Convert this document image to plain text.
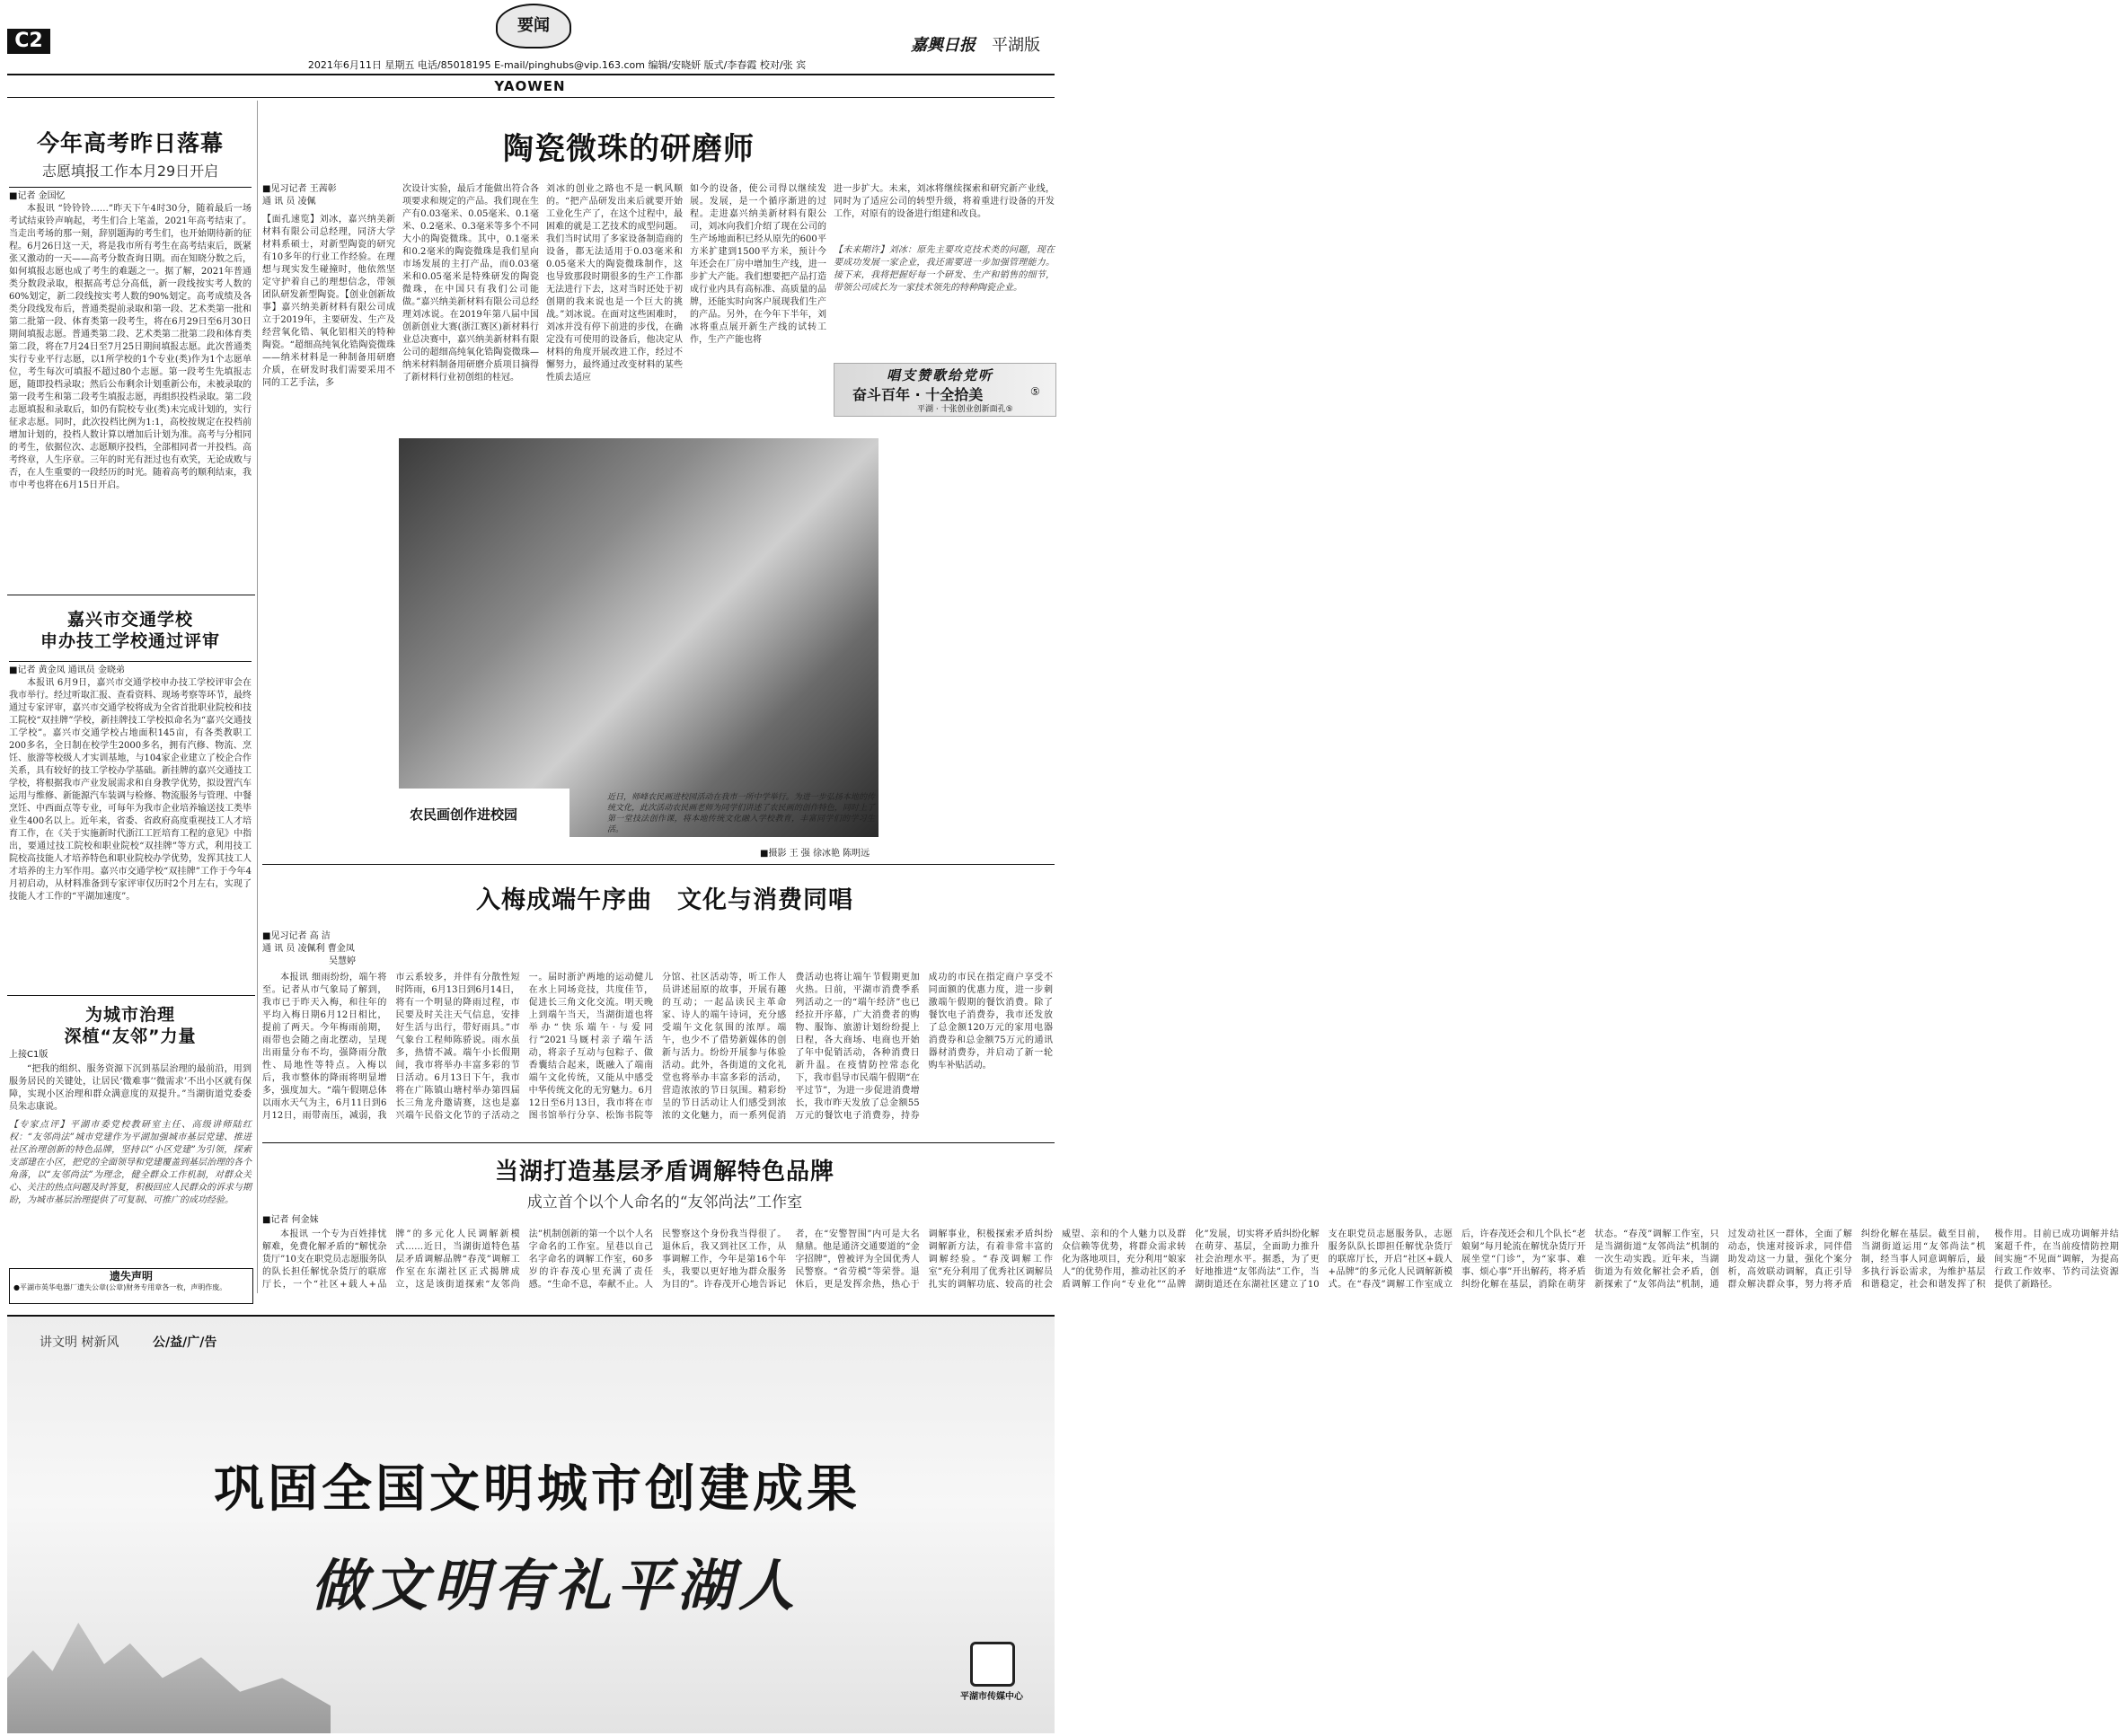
C2
要闻
2021年6月11日 星期五 电话/85018195 E-mail/pinghubs@vip.163.com 编辑/安晓妍 版式/李春霞 校对/张 宾
嘉興日报 平湖版
YAOWEN
今年高考昨日落幕
志愿填报工作本月29日开启
■记者 金国忆
本报讯 “铃铃铃……”昨天下午4时30分，随着最后一场考试结束铃声响起，考生们合上笔盖，2021年高考结束了。当走出考场的那一刻，辞别题海的考生们，也开始期待新的征程。6月26日这一天，将是我市所有考生在高考结束后，既紧张又激动的一天——高考分数查询日期。而在知晓分数之后，如何填报志愿也成了考生的难题之一。据了解，2021年普通类分数段录取，根据高考总分高低，新一段线按实考人数的60%划定，新二段线按实考人数的90%划定。高考成绩及各类分段线发布后，普通类提前录取和第一段、艺术类第一批和第二批第一段、体育类第一段考生，将在6月29日至6月30日期间填报志愿。普通类第二段、艺术类第二批第二段和体育类第二段，将在7月24日至7月25日期间填报志愿。此次普通类实行专业平行志愿，以1所学校的1个专业(类)作为1个志愿单位，考生每次可填报不超过80个志愿。第一段考生先填报志愿，随即投档录取；然后公布剩余计划重新公布，未被录取的第一段考生和第二段考生填报志愿，再组织投档录取。第二段志愿填报和录取后，如仍有院校专业(类)未完成计划的，实行征求志愿。同时，此次投档比例为1:1，高校按规定在投档前增加计划的，投档人数计算以增加后计划为准。高考与分相同的考生，依据位次、志愿顺序投档，全部相同者一并投档。高考终章，人生序章。三年的时光有涯过也有欢笑，无论成败与否，在人生重要的一段经历的时光。随着高考的顺利结束，我市中考也将在6月15日开启。
嘉兴市交通学校
申办技工学校通过评审
■记者 黄金凤 通讯员 金晓弟
本报讯 6月9日，嘉兴市交通学校申办技工学校评审会在我市举行。经过听取汇报、查看资料、现场考察等环节，最终通过专家评审，嘉兴市交通学校将成为全省首批职业院校和技工院校“双挂牌”学校，新挂牌技工学校拟命名为“嘉兴交通技工学校”。嘉兴市交通学校占地面积145亩，有各类教职工200多名，全日制在校学生2000多名，拥有汽修、物流、烹饪、旅游等校级人才实训基地，与104家企业建立了校企合作关系，具有较好的技工学校办学基础。新挂牌的嘉兴交通技工学校，将根据我市产业发展需求和自身教学优势，拟设置汽车运用与维修、新能源汽车装调与检修、物流服务与管理、中餐烹饪、中西面点等专业，可每年为我市企业培养输送技工类毕业生400名以上。近年来，省委、省政府高度重视技工人才培育工作，在《关于实施新时代浙江工匠培育工程的意见》中指出，要通过技工院校和职业院校“双挂牌”等方式，利用技工院校高技能人才培养特色和职业院校办学优势，发挥其技工人才培养的主力军作用。嘉兴市交通学校“双挂牌”工作于今年4月初启动，从材料准备到专家评审仅历时2个月左右，实现了技能人才工作的“平湖加速度”。
为城市治理
深植“友邻”力量
上接C1版
“把我的组织、服务资源下沉到基层治理的最前沿，用到服务居民的关键处，让居民‘微难事’‘微需求’不出小区就有保障，实现小区治理和群众满意度的双提升。”当湖街道党委委员朱志康说。
【专家点评】平湖市委党校教研室主任、高级讲师陆红权：“友邻尚法”城市党建作为平湖加强城市基层党建、推进社区治理创新的特色品牌，坚持以“小区党建”为引领，探索支部建在小区，把党的全面领导和党建覆盖到基层治理的各个角落，以“友邻尚法”为理念，健全群众工作机制，对群众关心、关注的热点问题及时答复，积极回应人民群众的诉求与期盼，为城市基层治理提供了可复制、可推广的成功经验。
遗失声明
●平湖市英华电器厂遗失公章(公章)财务专用章各一枚，声明作废。
陶瓷微珠的研磨师
■见习记者 王茜彰
通 讯 员 凌佩
【面孔速览】刘冰，嘉兴纳美新材料有限公司总经理，同济大学材料系硕士，对新型陶瓷的研究有10多年的行业工作经验。在理想与现实发生碰撞时，他依然坚定守护着自己的理想信念，带领团队研发新型陶瓷。【创业创新故事】嘉兴纳美新材料有限公司成立于2019年，主要研发、生产及经营氧化锆、氧化铝相关的特种陶瓷。“超细高纯氧化锆陶瓷微珠——纳米材料是一种制备用研磨介质，在研发时我们需要采用不同的工艺手法，多
次设计实验，最后才能做出符合各项要求和规定的产品。我们现在生产有0.03毫米、0.05毫米、0.1毫米、0.2毫米、0.3毫米等多个不同大小的陶瓷微珠。其中，0.1毫米和0.2毫米的陶瓷微珠是我们星向市场发展的主打产品，而0.03毫米和0.05毫米是特殊研发的陶瓷微珠，在中国只有我们公司能做。”嘉兴纳美新材料有限公司总经理刘冰说。在2019年第八届中国创新创业大赛(浙江赛区)新材料行业总决赛中，嘉兴纳美新材料有限公司的超细高纯氧化锆陶瓷微珠—纳米材料制备用研磨介质项目摘得了新材料行业初创组的桂冠。
刘冰的创业之路也不是一帆风顺的。“把产品研发出来后就要开始工业化生产了，在这个过程中，最困难的就是工艺技术的成型问题。我们当时试用了多家设备制造商的设备，都无法适用于0.03毫米和0.05毫米大的陶瓷微珠制作，这也导致那段时期很多的生产工作都无法进行下去，这对当时还处于初创期的我来说也是一个巨大的挑战。”刘冰说。在面对这些困难时，刘冰并没有停下前进的步伐，在确定没有可使用的设备后，他决定从材料的角度开展改进工作，经过不懈努力，最终通过改变材料的某些性质去适应
如今的设备，使公司得以继续发展。发展，是一个循序渐进的过程。走进嘉兴纳美新材料有限公司，刘冰向我们介绍了现在公司的生产场地面积已经从原先的600平方米扩建到1500平方米，预计今年还会在厂房中增加生产线，进一步扩大产能。我们想要把产品打造成行业内具有高标准、高质量的品牌，还能实时向客户展现我们生产的产品。另外，在今年下半年，刘冰将重点展开新生产线的试转工作，生产产能也将
进一步扩大。未来，刘冰将继续探索和研究新产业线，同时为了适应公司的转型升级，将着重进行设备的开发工作，对原有的设备进行组建和改良。
【未来期许】刘冰：原先主要攻克技术类的问题，现在要成功发展一家企业，我还需要进一步加强管理能力。接下来，我将把握好每一个研发、生产和销售的细节，带领公司成长为一家技术领先的特种陶瓷企业。
唱支赞歌给党听
奋斗百年 · 十全拾美	⑤
平湖 · 十张创业创新面孔⑤
农民画创作进校园
近日，师峰农民画进校园活动在我市一所中学举行。为进一步弘扬本地的传统文化，此次活动农民画老师为同学们讲述了农民画的创作特色，同时上了第一堂技法创作课，将本地传统文化融入学校教育，丰富同学们的学习生活。
■摄影 王 强 徐冰艳 陈明远
入梅成端午序曲　文化与消费同唱
■见习记者 高 洁
通 讯 员 凌佩利 曹金凤
吴慧婷
本报讯 细雨纷纷，端午将至。记者从市气象局了解到，我市已于昨天入梅，和往年的平均入梅日期6月12日相比，提前了两天。今年梅雨前期，雨带也会随之南北摆动，呈现出雨量分布不均，强降雨分散性、局地性等特点。入梅以后，我市整体的降雨将明显增多，强度加大。“端午假期总体以雨水天气为主，6月11日到6月12日，雨带南压，减弱，我市云系较多，并伴有分散性短时阵雨，6月13日到6月14日，将有一个明显的降雨过程，市民要及时关注天气信息，安排好生活与出行，带好雨具。”市气象台工程师陈骄说。雨水虽多，热情不减。端午小长假期间，我市将举办丰富多彩的节日活动。6月13日下午，我市将在广陈镇山塘村举办第四届长三角龙舟邀请赛，这也是嘉兴端午民俗文化节的子活动之一。届时浙沪两地的运动健儿在水上同场竞技，共度佳节，促进长三角文化交流。明天晚上到端午当天，当湖街道也将举办“快乐端午·与爱同行”2021马厩村亲子端午活动，将亲子互动与包粽子、做香囊结合起来，既融入了端南端午文化传统，又能从中感受中华传统文化的无穷魅力。6月12日至6月13日，我市将在市图书馆举行分享、松饰书院等分馆、社区活动等，听工作人员讲述屈原的故事，开展有趣的互动；一起品读民主革命家、诗人的端午诗词，充分感受端午文化氛围的浓厚。端午，也少不了借势新媒体的创新与活力。纷纷开展参与体验活动。此外，各街道的文化礼堂也将举办丰富多彩的活动，营造浓浓的节日氛围。精彩纷呈的节日活动让人们感受到浓浓的文化魅力，而一系列促消费活动也将让端午节假期更加火热。日前，平湖市消费季系列活动之一的“端午经济”也已经拉开序幕，广大消费者的购物、服饰、旅游计划纷纷提上日程，各大商场、电商也开始了年中促销活动，各种消费日新升温。在疫情防控常态化下，我市倡导市民端午假期“在平过节”，为进一步促进消费增长，我市昨天发放了总金额55万元的餐饮电子消费券，持券成功的市民在指定商户享受不同面额的优惠力度，进一步刺激端午假期的餐饮消费。除了餐饮电子消费券，我市还发放了总金额120万元的家用电器消费券和总金额75万元的通讯器材消费券，并启动了新一轮购车补贴活动。
当湖打造基层矛盾调解特色品牌
成立首个以个人命名的“友邻尚法”工作室
■记者 何金妹
本报讯 一个专为百姓排忧解难，免费化解矛盾的“解忧杂货厅”10支在职党员志愿服务队的队长担任解忧杂货厅的联席厅长，一个“社区+载人+品牌”的多元化人民调解新模式……近日，当湖街道特色基层矛盾调解品牌“春茂”调解工作室在东湖社区正式揭牌成立，这是该街道探索“友邻尚法”机制创新的第一个以个人名字命名的工作室。星巷以自己名字命名的调解工作室，60多岁的许春茂心里充满了责任感。“生命不息，奉献不止。人民警察这个身份我当得很了。退休后，我又到社区工作，从事调解工作，今年是第16个年头，我要以更好地为群众服务为目的”。许春茂开心地告诉记者，在“安警智围”内可是大名鼎鼎。他是通济交通要道的“金字招牌”，曾被评为全国优秀人民警察。“省劳模”等荣誉。退休后，更是发挥余热，热心于调解事业，积极探索矛盾纠纷调解新方法，有着非常丰富的调解经验。“春茂调解工作室”充分利用了优秀社区调解员扎实的调解功底、较高的社会威望、亲和的个人魅力以及群众信赖等优势，将群众需求转化为落地项目，充分利用“娘家人”的优势作用，推动社区的矛盾调解工作向“专业化”“品牌化”发展，切实将矛盾纠纷化解在萌芽、基层，全面助力推升社会治理水平。据悉，为了更好地推进“友邻尚法”工作，当湖街道还在东湖社区建立了10支在职党员志愿服务队，志愿服务队队长即担任解忧杂货厅的联席厅长，开启“社区+载人+品牌”的多元化人民调解新模式。在“春茂”调解工作室成立后，许春茂还会和几个队长“老娘舅”每月轮流在解忧杂货厅开展坐堂“门诊”，为“家事、难事、烦心事”开出解药，将矛盾纠纷化解在基层，消除在萌芽状态。“春茂”调解工作室，只是当湖街道“友邻尚法”机制的一次生动实践。近年来，当湖街道为有效化解社会矛盾，创新探索了“友邻尚法”机制，通过发动社区一群体，全面了解动态，快速对接诉求，同伴借助发动这一力量，强化个案分析，高效联动调解，真正引导群众解决群众事，努力将矛盾纠纷化解在基层。截至目前，当湖街道运用“友邻尚法”机制，经当事人同意调解后，最多执行诉讼需求，为维护基层和谐稳定，社会和谐发挥了积极作用。目前已成功调解并结案超千件，在当前疫情防控期间实施“不见面”调解，为提高行政工作效率、节约司法资源提供了新路径。
讲文明 树新风	公/益/广/告
巩固全国文明城市创建成果
做文明有礼平湖人
平湖市传媒中心
